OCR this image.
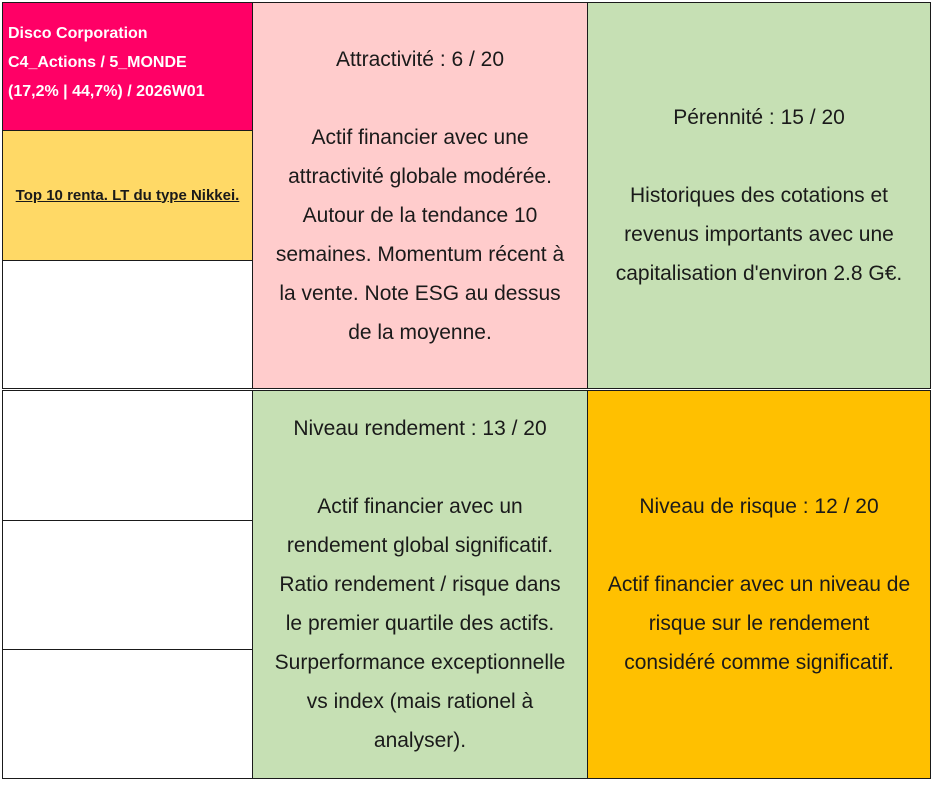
Disco Corporation
C4_Actions / 5_MONDE
(17,2% | 44,7%) / 2026W01
Top 10 renta. LT du type Nikkei.
Attractivité : 6 / 20
Actif financier avec une
attractivité globale modérée.
Autour de la tendance 10
semaines. Momentum récent à
la vente. Note ESG au dessus
de la moyenne.
Pérennité : 15 / 20
Historiques des cotations et
revenus importants avec une
capitalisation d'environ 2.8 G€.
Niveau rendement : 13 / 20
Actif financier avec un
rendement global significatif.
Ratio rendement / risque dans
le premier quartile des actifs.
Surperformance exceptionnelle
vs index (mais rationel à
analyser).
Niveau de risque : 12 / 20
Actif financier avec un niveau de
risque sur le rendement
considéré comme significatif.
